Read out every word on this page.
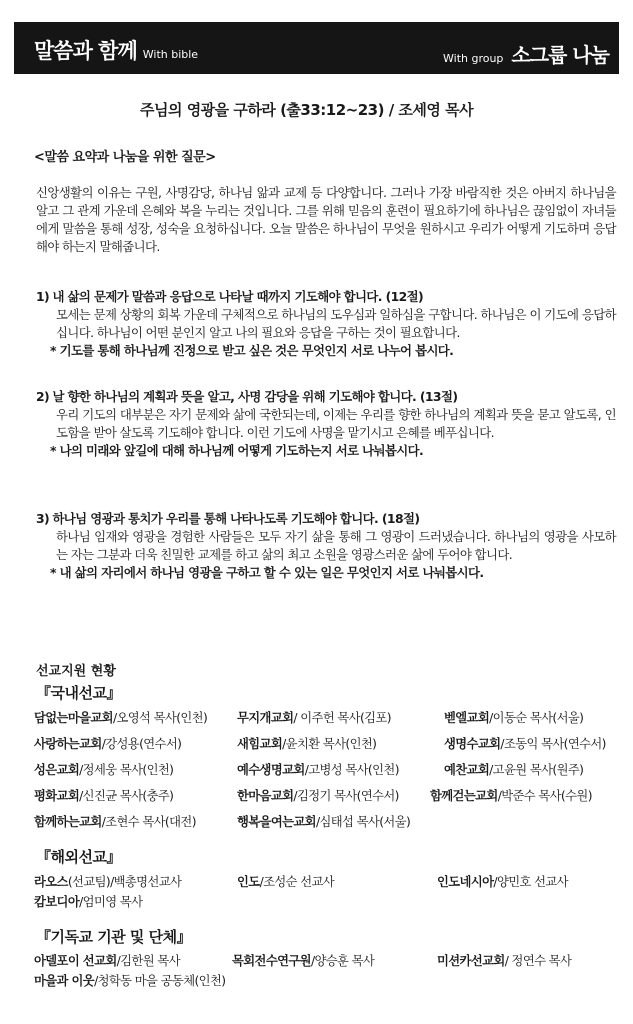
말씀과 함께 With bible	With group 소그룹 나눔
주님의 영광을 구하라 (출33:12~23) / 조세영 목사
<말씀 요약과 나눔을 위한 질문>

신앙생활의 이유는 구원, 사명감당, 하나님 앎과 교제 등 다양합니다. 그러나 가장 바람직한 것은 아버지 하나님을 알고 그 관계 가운데 은혜와 복을 누리는 것입니다. 그를 위해 믿음의 훈련이 필요하기에 하나님은 끊임없이 자녀들에게 말씀을 통해 성장, 성숙을 요청하십니다. 오늘 말씀은 하나님이 무엇을 원하시고 우리가 어떻게 기도하며 응답해야 하는지 말해줍니다.

1) 내 삶의 문제가 말씀과 응답으로 나타날 때까지 기도해야 합니다. (12절)
모세는 문제 상황의 회복 가운데 구체적으로 하나님의 도우심과 일하심을 구합니다. 하나님은 이 기도에 응답하십니다. 하나님이 어떤 분인지 알고 나의 필요와 응답을 구하는 것이 필요합니다.
* 기도를 통해 하나님께 진정으로 받고 싶은 것은 무엇인지 서로 나누어 봅시다.
2) 날 향한 하나님의 계획과 뜻을 알고, 사명 감당을 위해 기도해야 합니다. (13절)
우리 기도의 대부분은 자기 문제와 삶에 국한되는데, 이제는 우리를 향한 하나님의 계획과 뜻을 묻고 알도록, 인도함을 받아 살도록 기도해야 합니다. 이런 기도에 사명을 맡기시고 은혜를 베푸십니다.
* 나의 미래와 앞길에 대해 하나님께 어떻게 기도하는지 서로 나눠봅시다.
3) 하나님 영광과 통치가 우리를 통해 나타나도록 기도해야 합니다. (18절)
하나님 임재와 영광을 경험한 사람들은 모두 자기 삶을 통해 그 영광이 드러냈습니다. 하나님의 영광을 사모하는 자는 그분과 더욱 친밀한 교제를 하고 삶의 최고 소원을 영광스러운 삶에 두어야 합니다.
* 내 삶의 자리에서 하나님 영광을 구하고 할 수 있는 일은 무엇인지 서로 나눠봅시다.
선교지원 현황
『국내선교』
담없는마을교회/오영석 목사(인천) 무지개교회/ 이주헌 목사(김포)	벧엘교회/이동순 목사(서울)
사랑하는교회/강성용(연수서)	새힘교회/윤치환 목사(인천)	생명수교회/조동익 목사(연수서)
성은교회/정세웅 목사(인천)	예수생명교회/고병성 목사(인천)	예찬교회/고윤원 목사(원주)
평화교회/신진균 목사(충주)	한마음교회/김정기 목사(연수서)	함께걷는교회/박준수 목사(수원)
함께하는교회/조현수 목사(대전)	행복을여는교회/심태섭 목사(서울)
『해외선교』
라오스(선교팀)/백총명선교사	인도/조성순 선교사	인도네시아/양민호 선교사
캄보디아/엄미영 목사
『기독교 기관 및 단체』
아델포이 선교회/김한원 목사	목회전수연구원/양승훈 목사	미션카선교회/ 정연수 목사
마을과 이웃/청학동 마을 공동체(인천)
